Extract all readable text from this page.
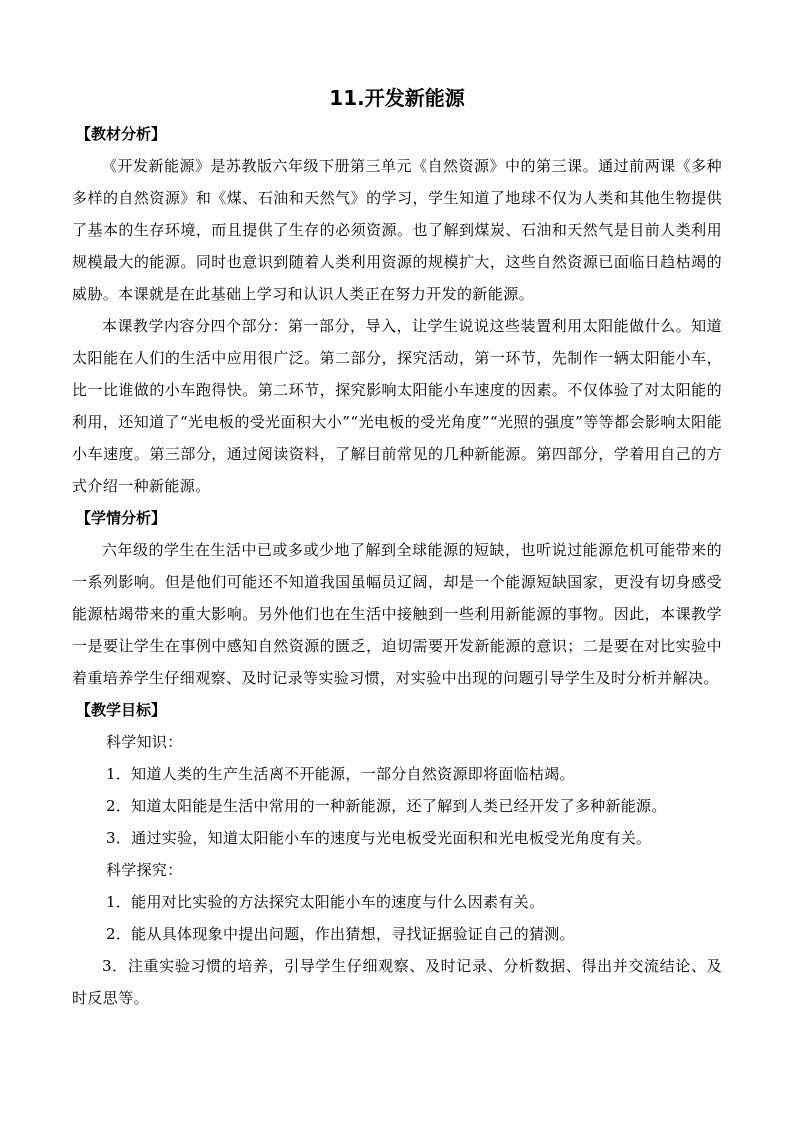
11.开发新能源
【教材分析】

《开发新能源》是苏教版六年级下册第三单元《自然资源》中的第三课。通过前两课《多种多样的自然资源》和《煤、石油和天然气》的学习，学生知道了地球不仅为人类和其他生物提供了基本的生存环境，而且提供了生存的必须资源。也了解到煤炭、石油和天然气是目前人类利用规模最大的能源。同时也意识到随着人类利用资源的规模扩大，这些自然资源已面临日趋枯竭的威胁。本课就是在此基础上学习和认识人类正在努力开发的新能源。

本课教学内容分四个部分：第一部分，导入，让学生说说这些装置利用太阳能做什么。知道太阳能在人们的生活中应用很广泛。第二部分，探究活动，第一环节，先制作一辆太阳能小车，比一比谁做的小车跑得快。第二环节，探究影响太阳能小车速度的因素。不仅体验了对太阳能的利用，还知道了“光电板的受光面积大小”“光电板的受光角度”“光照的强度”等等都会影响太阳能小车速度。第三部分，通过阅读资料，了解目前常见的几种新能源。第四部分，学着用自己的方式介绍一种新能源。

【学情分析】

六年级的学生在生活中已或多或少地了解到全球能源的短缺，也听说过能源危机可能带来的一系列影响。但是他们可能还不知道我国虽幅员辽阔，却是一个能源短缺国家，更没有切身感受能源枯竭带来的重大影响。另外他们也在生活中接触到一些利用新能源的事物。因此，本课教学一是要让学生在事例中感知自然资源的匮乏，迫切需要开发新能源的意识；二是要在对比实验中着重培养学生仔细观察、及时记录等实验习惯，对实验中出现的问题引导学生及时分析并解决。

【教学目标】
科学知识：
1．知道人类的生产生活离不开能源，一部分自然资源即将面临枯竭。
2．知道太阳能是生活中常用的一种新能源，还了解到人类已经开发了多种新能源。
3．通过实验，知道太阳能小车的速度与光电板受光面积和光电板受光角度有关。
科学探究：
1．能用对比实验的方法探究太阳能小车的速度与什么因素有关。
2．能从具体现象中提出问题，作出猜想，寻找证据验证自己的猜测。

3．注重实验习惯的培养，引导学生仔细观察、及时记录、分析数据、得出并交流结论、及时反思等。
